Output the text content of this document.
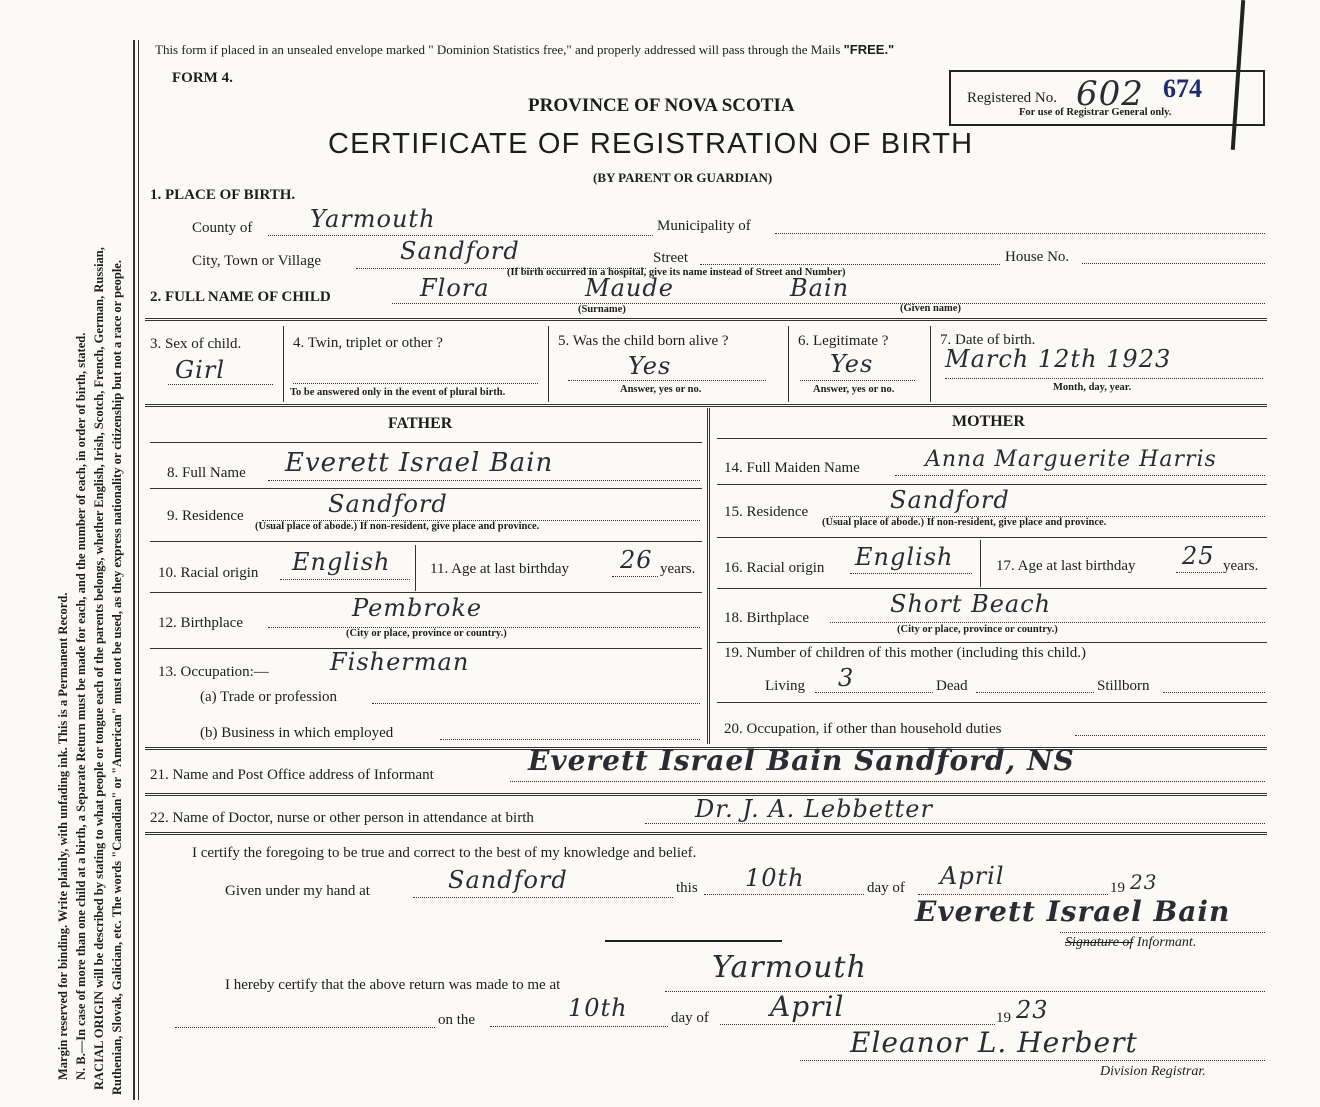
Margin reserved for binding. Write plainly, with unfading ink. This is a Permanent Record. N. B.—In case of more than one child at a birth, a Separate Return must be made for each, and the number of each, in order of birth, stated. RACIAL ORIGIN will be described by stating to what people or tongue each of the parents belongs, whether English, Irish, Scotch, French, German, Russian, Ruthenian, Slovak, Galician, etc. The words "Canadian" or "American" must not be used, as they express nationality or citizenship but not a race or people.
This form if placed in an unsealed envelope marked " Dominion Statistics free," and properly addressed will pass through the Mails "FREE."
FORM 4.
PROVINCE OF NOVA SCOTIA
CERTIFICATE OF REGISTRATION OF BIRTH
(BY PARENT OR GUARDIAN)
Registered No. 602 674
For use of Registrar General only.
1. PLACE OF BIRTH.
County of Yarmouth	Municipality of
City, Town or Village	Sandford	Street
(If birth occurred in a hospital, give its name instead of Street and Number)
House No.
2. FULL NAME OF CHILD	Flora	Maude	Bain
(Surname)	(Given name)
3. Sex of child.
Girl
4. Twin, triplet or other ?
To be answered only in the event of plural birth.
5. Was the child born alive ?
Yes
Answer, yes or no.
6. Legitimate ?
Yes
Answer, yes or no.
7. Date of birth.
March 12th 1923
Month, day, year.
FATHER
8. Full Name Everett Israel Bain
9. Residence	Sandford
(Usual place of abode.) If non-resident, give place and province.
10. Racial origin English	11. Age at last birthday 26 years.
12. Birthplace
Pembroke
(City or place, province or country.)
13. Occupation:—	Fisherman
(a) Trade or profession
(b) Business in which employed
MOTHER
14. Full Maiden Name	Anna Marguerite Harris
15. Residence	Sandford
(Usual place of abode.) If non-resident, give place and province.
16. Racial origin English	17. Age at last birthday 25 years.
18. Birthplace	Short Beach
(City or place, province or country.)
19. Number of children of this mother (including this child.)
Living 3	Dead	Stillborn
20. Occupation, if other than household duties
21. Name and Post Office address of Informant	Everett Israel Bain Sandford, NS
22. Name of Doctor, nurse or other person in attendance at birth	Dr. J. A. Lebbetter
I certify the foregoing to be true and correct to the best of my knowledge and belief.
Given under my hand at	Sandford	this 10th	day of April	19 23
Everett Israel Bain
Signature of Informant.
I hereby certify that the above return was made to me at	Yarmouth
on the	10th	day of April	19 23
Eleanor L. Herbert
Division Registrar.
